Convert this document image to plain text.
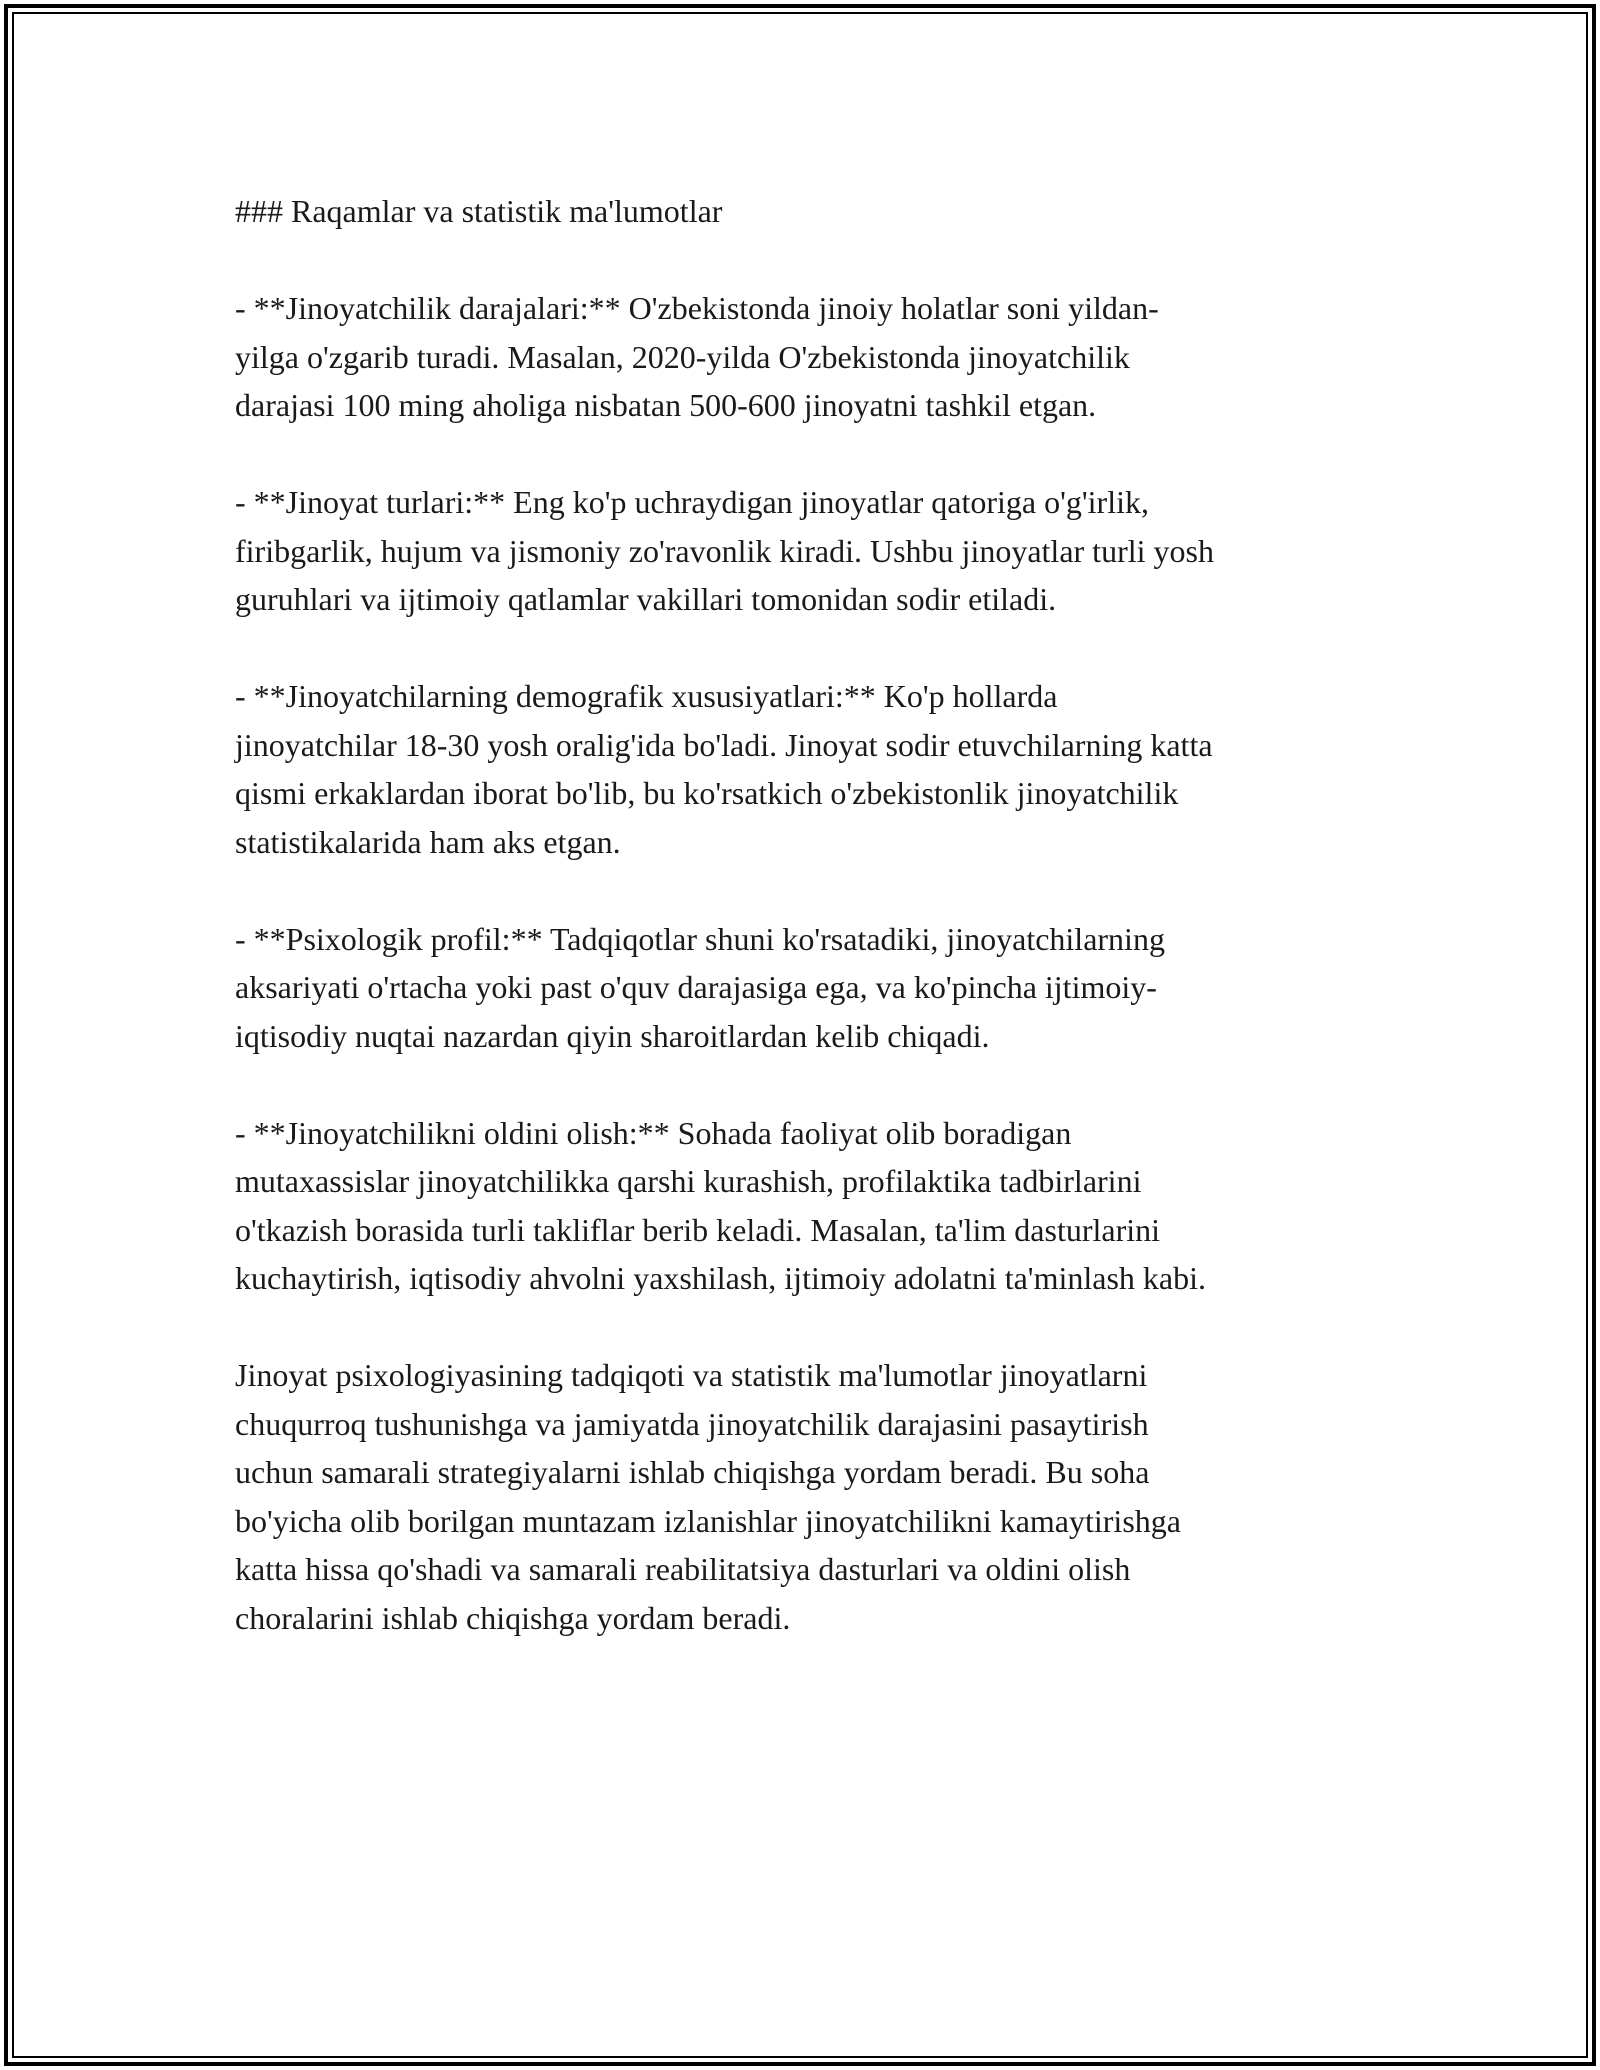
### Raqamlar va statistik ma'lumotlar
- **Jinoyatchilik darajalari:** O'zbekistonda jinoiy holatlar soni yildan-
yilga o'zgarib turadi. Masalan, 2020-yilda O'zbekistonda jinoyatchilik
darajasi 100 ming aholiga nisbatan 500-600 jinoyatni tashkil etgan.
- **Jinoyat turlari:** Eng ko'p uchraydigan jinoyatlar qatoriga o'g'irlik,
firibgarlik, hujum va jismoniy zo'ravonlik kiradi. Ushbu jinoyatlar turli yosh
guruhlari va ijtimoiy qatlamlar vakillari tomonidan sodir etiladi.
- **Jinoyatchilarning demografik xususiyatlari:** Ko'p hollarda
jinoyatchilar 18-30 yosh oralig'ida bo'ladi. Jinoyat sodir etuvchilarning katta
qismi erkaklardan iborat bo'lib, bu ko'rsatkich o'zbekistonlik jinoyatchilik
statistikalarida ham aks etgan.
- **Psixologik profil:** Tadqiqotlar shuni ko'rsatadiki, jinoyatchilarning
aksariyati o'rtacha yoki past o'quv darajasiga ega, va ko'pincha ijtimoiy-
iqtisodiy nuqtai nazardan qiyin sharoitlardan kelib chiqadi.
- **Jinoyatchilikni oldini olish:** Sohada faoliyat olib boradigan
mutaxassislar jinoyatchilikka qarshi kurashish, profilaktika tadbirlarini
o'tkazish borasida turli takliflar berib keladi. Masalan, ta'lim dasturlarini
kuchaytirish, iqtisodiy ahvolni yaxshilash, ijtimoiy adolatni ta'minlash kabi.
Jinoyat psixologiyasining tadqiqoti va statistik ma'lumotlar jinoyatlarni
chuqurroq tushunishga va jamiyatda jinoyatchilik darajasini pasaytirish
uchun samarali strategiyalarni ishlab chiqishga yordam beradi. Bu soha
bo'yicha olib borilgan muntazam izlanishlar jinoyatchilikni kamaytirishga
katta hissa qo'shadi va samarali reabilitatsiya dasturlari va oldini olish
choralarini ishlab chiqishga yordam beradi.
